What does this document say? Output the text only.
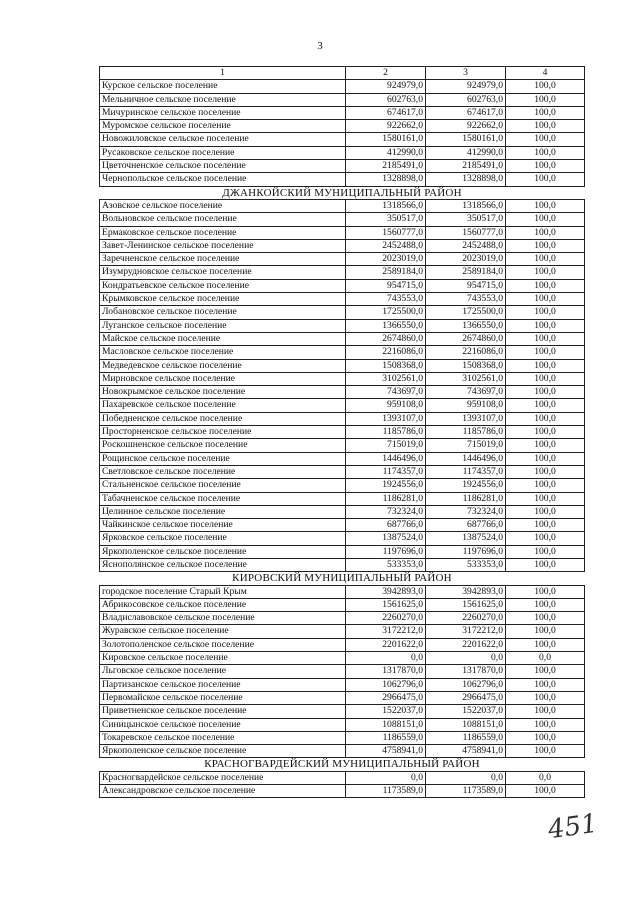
3
1	2	3	4
Курское сельское поселение	924979,0	924979,0	100,0
Мельничное сельское поселение	602763,0	602763,0	100,0
Мичуринское сельское поселение	674617,0	674617,0	100,0
Муромское сельское поселение	922662,0	922662,0	100,0
Новожиловское сельское поселение	1580161,0	1580161,0	100,0
Русаковское сельское поселение	412990,0	412990,0	100,0
Цветочненское сельское поселение	2185491,0	2185491,0	100,0
Чернопольское сельское поселение	1328898,0	1328898,0	100,0
ДЖАНКОЙСКИЙ МУНИЦИПАЛЬНЫЙ РАЙОН			
Азовское сельское поселение	1318566,0	1318566,0	100,0
Вольновское сельское поселение	350517,0	350517,0	100,0
Ермаковское сельское поселение	1560777,0	1560777,0	100,0
Завет-Ленинское сельское поселение	2452488,0	2452488,0	100,0
Заречненское сельское поселение	2023019,0	2023019,0	100,0
Изумрудновское сельское поселение	2589184,0	2589184,0	100,0
Кондратьевское сельское поселение	954715,0	954715,0	100,0
Крымковское сельское поселение	743553,0	743553,0	100,0
Лобановское сельское поселение	1725500,0	1725500,0	100,0
Луганское сельское поселение	1366550,0	1366550,0	100,0
Майское сельское поселение	2674860,0	2674860,0	100,0
Масловское сельское поселение	2216086,0	2216086,0	100,0
Медведевское сельское поселение	1508368,0	1508368,0	100,0
Мирновское сельское поселение	3102561,0	3102561,0	100,0
Новокрымское сельское поселение	743697,0	743697,0	100,0
Пахаревское сельское поселение	959108,0	959108,0	100,0
Победненское сельское поселение	1393107,0	1393107,0	100,0
Просторненское сельское поселение	1185786,0	1185786,0	100,0
Роскошненское сельское поселение	715019,0	715019,0	100,0
Рощинское сельское поселение	1446496,0	1446496,0	100,0
Светловское сельское поселение	1174357,0	1174357,0	100,0
Стальненское сельское поселение	1924556,0	1924556,0	100,0
Табачненское сельское поселение	1186281,0	1186281,0	100,0
Целинное сельское поселение	732324,0	732324,0	100,0
Чайкинское сельское поселение	687766,0	687766,0	100,0
Ярковское сельское поселение	1387524,0	1387524,0	100,0
Яркополенское сельское поселение	1197696,0	1197696,0	100,0
Яснополянское сельское поселение	533353,0	533353,0	100,0
КИРОВСКИЙ МУНИЦИПАЛЬНЫЙ РАЙОН			
городское поселение Старый Крым	3942893,0	3942893,0	100,0
Абрикосовское сельское поселение	1561625,0	1561625,0	100,0
Владиславовское сельское поселение	2260270,0	2260270,0	100,0
Журавское сельское поселение	3172212,0	3172212,0	100,0
Золотополенское сельское поселение	2201622,0	2201622,0	100,0
Кировское сельское поселение	0,0	0,0	0,0
Льговское сельское поселение	1317870,0	1317870,0	100,0
Партизанское сельское поселение	1062796,0	1062796,0	100,0
Первомайское сельское поселение	2966475,0	2966475,0	100,0
Приветненское сельское поселение	1522037,0	1522037,0	100,0
Синицынское сельское поселение	1088151,0	1088151,0	100,0
Токаревское сельское поселение	1186559,0	1186559,0	100,0
Яркополенское сельское поселение	4758941,0	4758941,0	100,0
КРАСНОГВАРДЕЙСКИЙ МУНИЦИПАЛЬНЫЙ РАЙОН			
Красногвардейское сельское поселение	0,0	0,0	0,0
Александровское сельское поселение	1173589,0	1173589,0	100,0
451
